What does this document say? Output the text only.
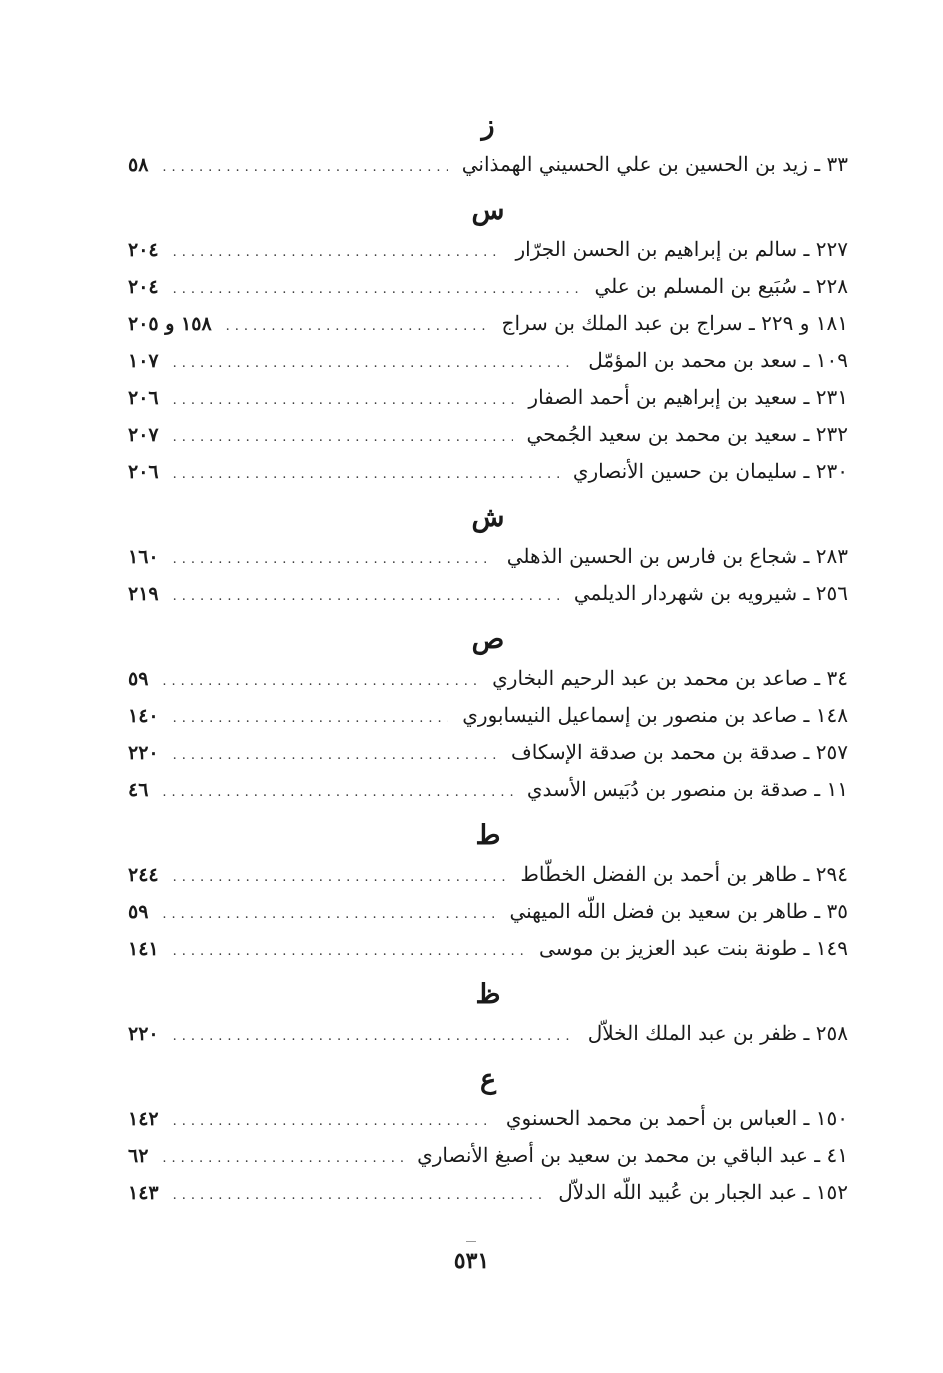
ز
٣٣ ـ زيد بن الحسين بن علي الحسيني الهمذاني
.....
٥٨
س
٢٢٧ ـ سالم بن إبراهيم بن الحسن الجرّار
.....
٢٠٤
٢٢٨ ـ سُبَيع بن المسلم بن علي
.....
٢٠٤
١٨١ و ٢٢٩ ـ سراج بن عبد الملك بن سراج
.....
١٥٨ و ٢٠٥
١٠٩ ـ سعد بن محمد بن المؤمّل
.....
١٠٧
٢٣١ ـ سعيد بن إبراهيم بن أحمد الصفار
.....
٢٠٦
٢٣٢ ـ سعيد بن محمد بن سعيد الجُمحي
.....
٢٠٧
٢٣٠ ـ سليمان بن حسين الأنصاري
.....
٢٠٦
ش
٢٨٣ ـ شجاع بن فارس بن الحسين الذهلي
.....
١٦٠
٢٥٦ ـ شيرويه بن شهردار الديلمي
.....
٢١٩
ص
٣٤ ـ صاعد بن محمد بن عبد الرحيم البخاري
.....
٥٩
١٤٨ ـ صاعد بن منصور بن إسماعيل النيسابوري
.....
١٤٠
٢٥٧ ـ صدقة بن محمد بن صدقة الإسكاف
.....
٢٢٠
١١ ـ صدقة بن منصور بن دُبَيس الأسدي
.....
٤٦
ط
٢٩٤ ـ طاهر بن أحمد بن الفضل الخطّاط
.....
٢٤٤
٣٥ ـ طاهر بن سعيد بن فضل اللّه الميهني
.....
٥٩
١٤٩ ـ طونة بنت عبد العزيز بن موسى
.....
١٤١
ظ
٢٥٨ ـ ظفر بن عبد الملك الخلاّل
.....
٢٢٠
ع
١٥٠ ـ العباس بن أحمد بن محمد الحسنوي
.....
١٤٢
٤١ ـ عبد الباقي بن محمد بن سعيد بن أصبغ الأنصاري
.....
٦٢
١٥٢ ـ عبد الجبار بن عُبيد اللّه الدلاّل
.....
١٤٣
٥٣١
